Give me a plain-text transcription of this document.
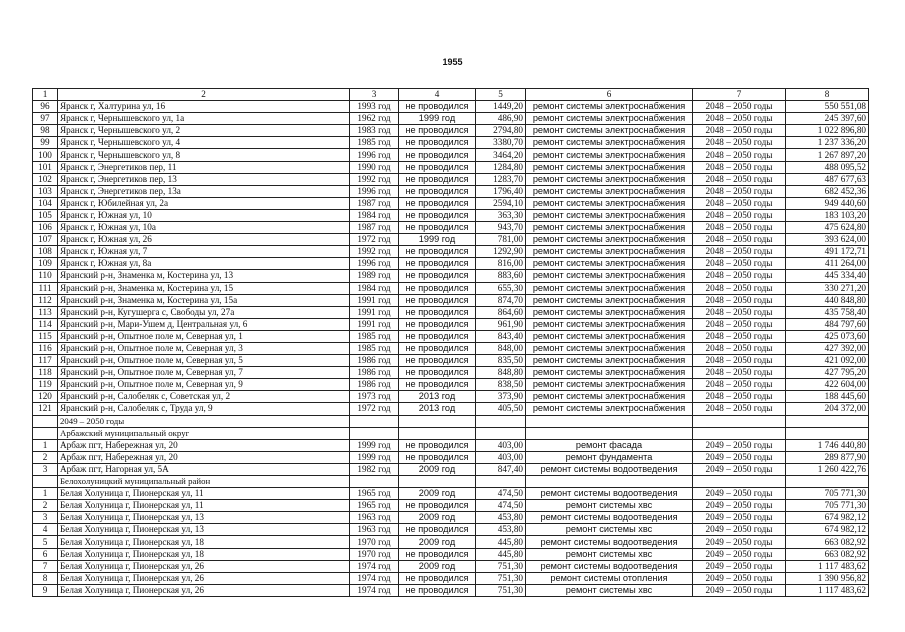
1955
1	2	3	4	5	6	7	8
96	Яранск г, Халтурина ул, 16	1993 год	не проводился	1449,20	ремонт системы электроснабжения	2048 – 2050 годы	550 551,08
97	Яранск г, Чернышевского ул, 1а	1962 год	1999 год	486,90	ремонт системы электроснабжения	2048 – 2050 годы	245 397,60
98	Яранск г, Чернышевского ул, 2	1983 год	не проводился	2794,80	ремонт системы электроснабжения	2048 – 2050 годы	1 022 896,80
99	Яранск г, Чернышевского ул, 4	1985 год	не проводился	3380,70	ремонт системы электроснабжения	2048 – 2050 годы	1 237 336,20
100	Яранск г, Чернышевского ул, 8	1996 год	не проводился	3464,20	ремонт системы электроснабжения	2048 – 2050 годы	1 267 897,20
101	Яранск г, Энергетиков пер, 11	1990 год	не проводился	1284,80	ремонт системы электроснабжения	2048 – 2050 годы	488 095,52
102	Яранск г, Энергетиков пер, 13	1992 год	не проводился	1283,70	ремонт системы электроснабжения	2048 – 2050 годы	487 677,63
103	Яранск г, Энергетиков пер, 13а	1996 год	не проводился	1796,40	ремонт системы электроснабжения	2048 – 2050 годы	682 452,36
104	Яранск г, Юбилейная ул, 2а	1987 год	не проводился	2594,10	ремонт системы электроснабжения	2048 – 2050 годы	949 440,60
105	Яранск г, Южная ул, 10	1984 год	не проводился	363,30	ремонт системы электроснабжения	2048 – 2050 годы	183 103,20
106	Яранск г, Южная ул, 10а	1987 год	не проводился	943,70	ремонт системы электроснабжения	2048 – 2050 годы	475 624,80
107	Яранск г, Южная ул, 26	1972 год	1999 год	781,00	ремонт системы электроснабжения	2048 – 2050 годы	393 624,00
108	Яранск г, Южная ул, 7	1992 год	не проводился	1292,90	ремонт системы электроснабжения	2048 – 2050 годы	491 172,71
109	Яранск г, Южная ул, 8а	1996 год	не проводился	816,00	ремонт системы электроснабжения	2048 – 2050 годы	411 264,00
110	Яранский р-н, Знаменка м, Костерина ул, 13	1989 год	не проводился	883,60	ремонт системы электроснабжения	2048 – 2050 годы	445 334,40
111	Яранский р-н, Знаменка м, Костерина ул, 15	1984 год	не проводился	655,30	ремонт системы электроснабжения	2048 – 2050 годы	330 271,20
112	Яранский р-н, Знаменка м, Костерина ул, 15а	1991 год	не проводился	874,70	ремонт системы электроснабжения	2048 – 2050 годы	440 848,80
113	Яранский р-н, Кугушерга с, Свободы ул, 27а	1991 год	не проводился	864,60	ремонт системы электроснабжения	2048 – 2050 годы	435 758,40
114	Яранский р-н, Мари-Ушем д, Центральная ул, 6	1991 год	не проводился	961,90	ремонт системы электроснабжения	2048 – 2050 годы	484 797,60
115	Яранский р-н, Опытное поле м, Северная ул, 1	1985 год	не проводился	843,40	ремонт системы электроснабжения	2048 – 2050 годы	425 073,60
116	Яранский р-н, Опытное поле м, Северная ул, 3	1985 год	не проводился	848,00	ремонт системы электроснабжения	2048 – 2050 годы	427 392,00
117	Яранский р-н, Опытное поле м, Северная ул, 5	1986 год	не проводился	835,50	ремонт системы электроснабжения	2048 – 2050 годы	421 092,00
118	Яранский р-н, Опытное поле м, Северная ул, 7	1986 год	не проводился	848,80	ремонт системы электроснабжения	2048 – 2050 годы	427 795,20
119	Яранский р-н, Опытное поле м, Северная ул, 9	1986 год	не проводился	838,50	ремонт системы электроснабжения	2048 – 2050 годы	422 604,00
120	Яранский р-н, Салобеляк с, Советская ул, 2	1973 год	2013 год	373,90	ремонт системы электроснабжения	2048 – 2050 годы	188 445,60
121	Яранский р-н, Салобеляк с, Труда ул, 9	1972 год	2013 год	405,50	ремонт системы электроснабжения	2048 – 2050 годы	204 372,00
	2049 – 2050 годы						
	Арбажский муниципальный округ						
1	Арбаж пгт, Набережная ул, 20	1999 год	не проводился	403,00	ремонт фасада	2049 – 2050 годы	1 746 440,80
2	Арбаж пгт, Набережная ул, 20	1999 год	не проводился	403,00	ремонт фундамента	2049 – 2050 годы	289 877,90
3	Арбаж пгт, Нагорная ул, 5А	1982 год	2009 год	847,40	ремонт системы водоотведения	2049 – 2050 годы	1 260 422,76
	Белохолуницкий муниципальный район						
1	Белая Холуница г, Пионерская ул, 11	1965 год	2009 год	474,50	ремонт системы водоотведения	2049 – 2050 годы	705 771,30
2	Белая Холуница г, Пионерская ул, 11	1965 год	не проводился	474,50	ремонт системы хвс	2049 – 2050 годы	705 771,30
3	Белая Холуница г, Пионерская ул, 13	1963 год	2009 год	453,80	ремонт системы водоотведения	2049 – 2050 годы	674 982,12
4	Белая Холуница г, Пионерская ул, 13	1963 год	не проводился	453,80	ремонт системы хвс	2049 – 2050 годы	674 982,12
5	Белая Холуница г, Пионерская ул, 18	1970 год	2009 год	445,80	ремонт системы водоотведения	2049 – 2050 годы	663 082,92
6	Белая Холуница г, Пионерская ул, 18	1970 год	не проводился	445,80	ремонт системы хвс	2049 – 2050 годы	663 082,92
7	Белая Холуница г, Пионерская ул, 26	1974 год	2009 год	751,30	ремонт системы водоотведения	2049 – 2050 годы	1 117 483,62
8	Белая Холуница г, Пионерская ул, 26	1974 год	не проводился	751,30	ремонт системы отопления	2049 – 2050 годы	1 390 956,82
9	Белая Холуница г, Пионерская ул, 26	1974 год	не проводился	751,30	ремонт системы хвс	2049 – 2050 годы	1 117 483,62
